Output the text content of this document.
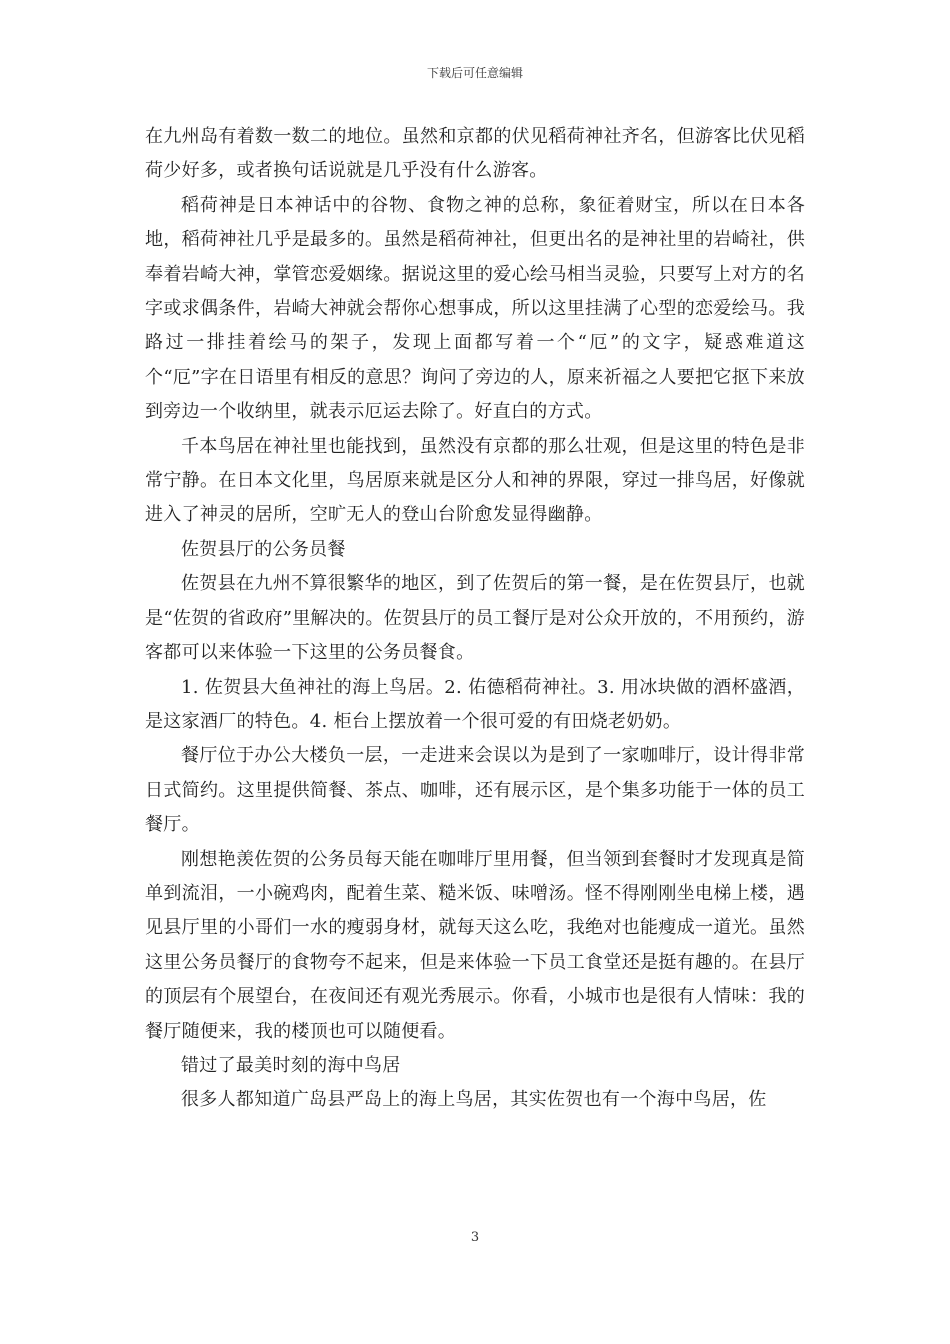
下载后可任意编辑

在九州岛有着数一数二的地位。虽然和京都的伏见稻荷神社齐名，但游客比伏见稻荷少好多，或者换句话说就是几乎没有什么游客。

稻荷神是日本神话中的谷物、食物之神的总称，象征着财宝，所以在日本各地，稻荷神社几乎是最多的。虽然是稻荷神社，但更出名的是神社里的岩崎社，供奉着岩崎大神，掌管恋爱姻缘。据说这里的爱心绘马相当灵验，只要写上对方的名字或求偶条件，岩崎大神就会帮你心想事成，所以这里挂满了心型的恋爱绘马。我路过一排挂着绘马的架子，发现上面都写着一个“厄”的文字，疑惑难道这个“厄”字在日语里有相反的意思？询问了旁边的人，原来祈福之人要把它抠下来放到旁边一个收纳里，就表示厄运去除了。好直白的方式。

千本鸟居在神社里也能找到，虽然没有京都的那么壮观，但是这里的特色是非常宁静。在日本文化里，鸟居原来就是区分人和神的界限，穿过一排鸟居，好像就进入了神灵的居所，空旷无人的登山台阶愈发显得幽静。

佐贺县厅的公务员餐

佐贺县在九州不算很繁华的地区，到了佐贺后的第一餐，是在佐贺县厅，也就是“佐贺的省政府”里解决的。佐贺县厅的员工餐厅是对公众开放的，不用预约，游客都可以来体验一下这里的公务员餐食。

1. 佐贺县大鱼神社的海上鸟居。2. 佑德稻荷神社。3. 用冰块做的酒杯盛酒，是这家酒厂的特色。4. 柜台上摆放着一个很可爱的有田烧老奶奶。

餐厅位于办公大楼负一层，一走进来会误以为是到了一家咖啡厅，设计得非常日式简约。这里提供简餐、茶点、咖啡，还有展示区，是个集多功能于一体的员工餐厅。

刚想艳羡佐贺的公务员每天能在咖啡厅里用餐，但当领到套餐时才发现真是简单到流泪，一小碗鸡肉，配着生菜、糙米饭、味噌汤。怪不得刚刚坐电梯上楼，遇见县厅里的小哥们一水的瘦弱身材，就每天这么吃，我绝对也能瘦成一道光。虽然这里公务员餐厅的食物夸不起来，但是来体验一下员工食堂还是挺有趣的。在县厅的顶层有个展望台，在夜间还有观光秀展示。你看，小城市也是很有人情味：我的餐厅随便来，我的楼顶也可以随便看。

错过了最美时刻的海中鸟居

很多人都知道广岛县严岛上的海上鸟居，其实佐贺也有一个海中鸟居，佐

3
